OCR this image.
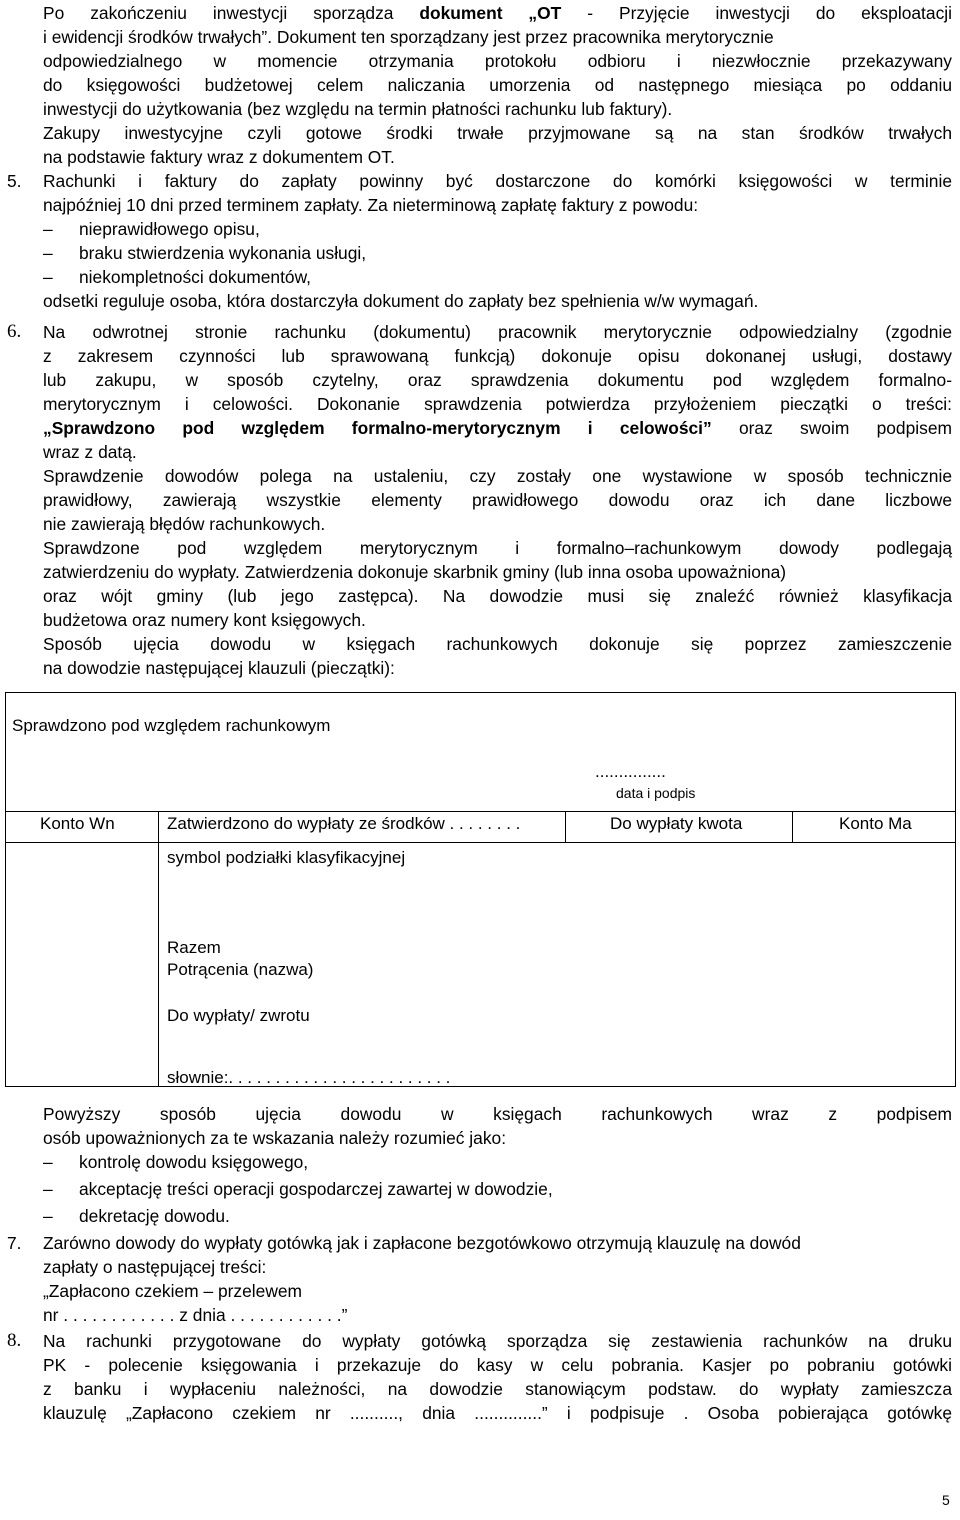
Po zakończeniu inwestycji sporządza dokument „OT - Przyjęcie inwestycji do eksploatacji
i ewidencji środków trwałych”. Dokument ten sporządzany jest przez pracownika merytorycznie
odpowiedzialnego w momencie otrzymania protokołu odbioru i niezwłocznie przekazywany
do księgowości budżetowej celem naliczania umorzenia od następnego miesiąca po oddaniu
inwestycji do użytkowania (bez względu na termin płatności rachunku lub faktury).
Zakupy inwestycyjne czyli gotowe środki trwałe przyjmowane są na stan środków trwałych
na podstawie faktury wraz z dokumentem OT.
5.	Rachunki i faktury do zapłaty powinny być dostarczone do komórki księgowości w terminie
najpóźniej 10 dni przed terminem zapłaty. Za nieterminową zapłatę faktury z powodu:
– nieprawidłowego opisu,
– braku stwierdzenia wykonania usługi,
– niekompletności dokumentów,
odsetki reguluje osoba, która dostarczyła dokument do zapłaty bez spełnienia w/w wymagań.
6.	Na odwrotnej stronie rachunku (dokumentu) pracownik merytorycznie odpowiedzialny (zgodnie
z zakresem czynności lub sprawowaną funkcją) dokonuje opisu dokonanej usługi, dostawy
lub zakupu, w sposób czytelny, oraz sprawdzenia dokumentu pod względem formalno-
merytorycznym i celowości. Dokonanie sprawdzenia potwierdza przyłożeniem pieczątki o treści:
„Sprawdzono pod względem formalno-merytorycznym i celowości” oraz swoim podpisem
wraz z datą.
Sprawdzenie dowodów polega na ustaleniu, czy zostały one wystawione w sposób technicznie
prawidłowy, zawierają wszystkie elementy prawidłowego dowodu oraz ich dane liczbowe
nie zawierają błędów rachunkowych.
Sprawdzone pod względem merytorycznym i formalno–rachunkowym dowody podlegają
zatwierdzeniu do wypłaty. Zatwierdzenia dokonuje skarbnik gminy (lub inna osoba upoważniona)
oraz wójt gminy (lub jego zastępca). Na dowodzie musi się znaleźć również klasyfikacja
budżetowa oraz numery kont księgowych.
Sposób ujęcia dowodu w księgach rachunkowych dokonuje się poprzez zamieszczenie
na dowodzie następującej klauzuli (pieczątki):
Sprawdzono pod względem rachunkowym
...............
data i podpis
Konto Wn	Zatwierdzono do wypłaty ze środków . . . . . . . .	Do wypłaty kwota	Konto Ma
symbol podziałki klasyfikacyjnej
Razem
Potrącenia (nazwa)
Do wypłaty/ zwrotu
słownie:. . . . . . . . . . . . . . . . . . . . . . . .
Powyższy sposób ujęcia dowodu w księgach rachunkowych wraz z podpisem
osób upoważnionych za te wskazania należy rozumieć jako:
– kontrolę dowodu księgowego,
– akceptację treści operacji gospodarczej zawartej w dowodzie,
– dekretację dowodu.
7.	Zarówno dowody do wypłaty gotówką jak i zapłacone bezgotówkowo otrzymują klauzulę na dowód
zapłaty o następującej treści:
„Zapłacono czekiem – przelewem
nr . . . . . . . . . . . . z dnia . . . . . . . . . . . .”
8.	Na rachunki przygotowane do wypłaty gotówką sporządza się zestawienia rachunków na druku
PK - polecenie księgowania i przekazuje do kasy w celu pobrania. Kasjer po pobraniu gotówki
z banku i wypłaceniu należności, na dowodzie stanowiącym podstaw. do wypłaty zamieszcza
klauzulę „Zapłacono czekiem nr .........., dnia ..............” i podpisuje . Osoba pobierająca gotówkę
5
